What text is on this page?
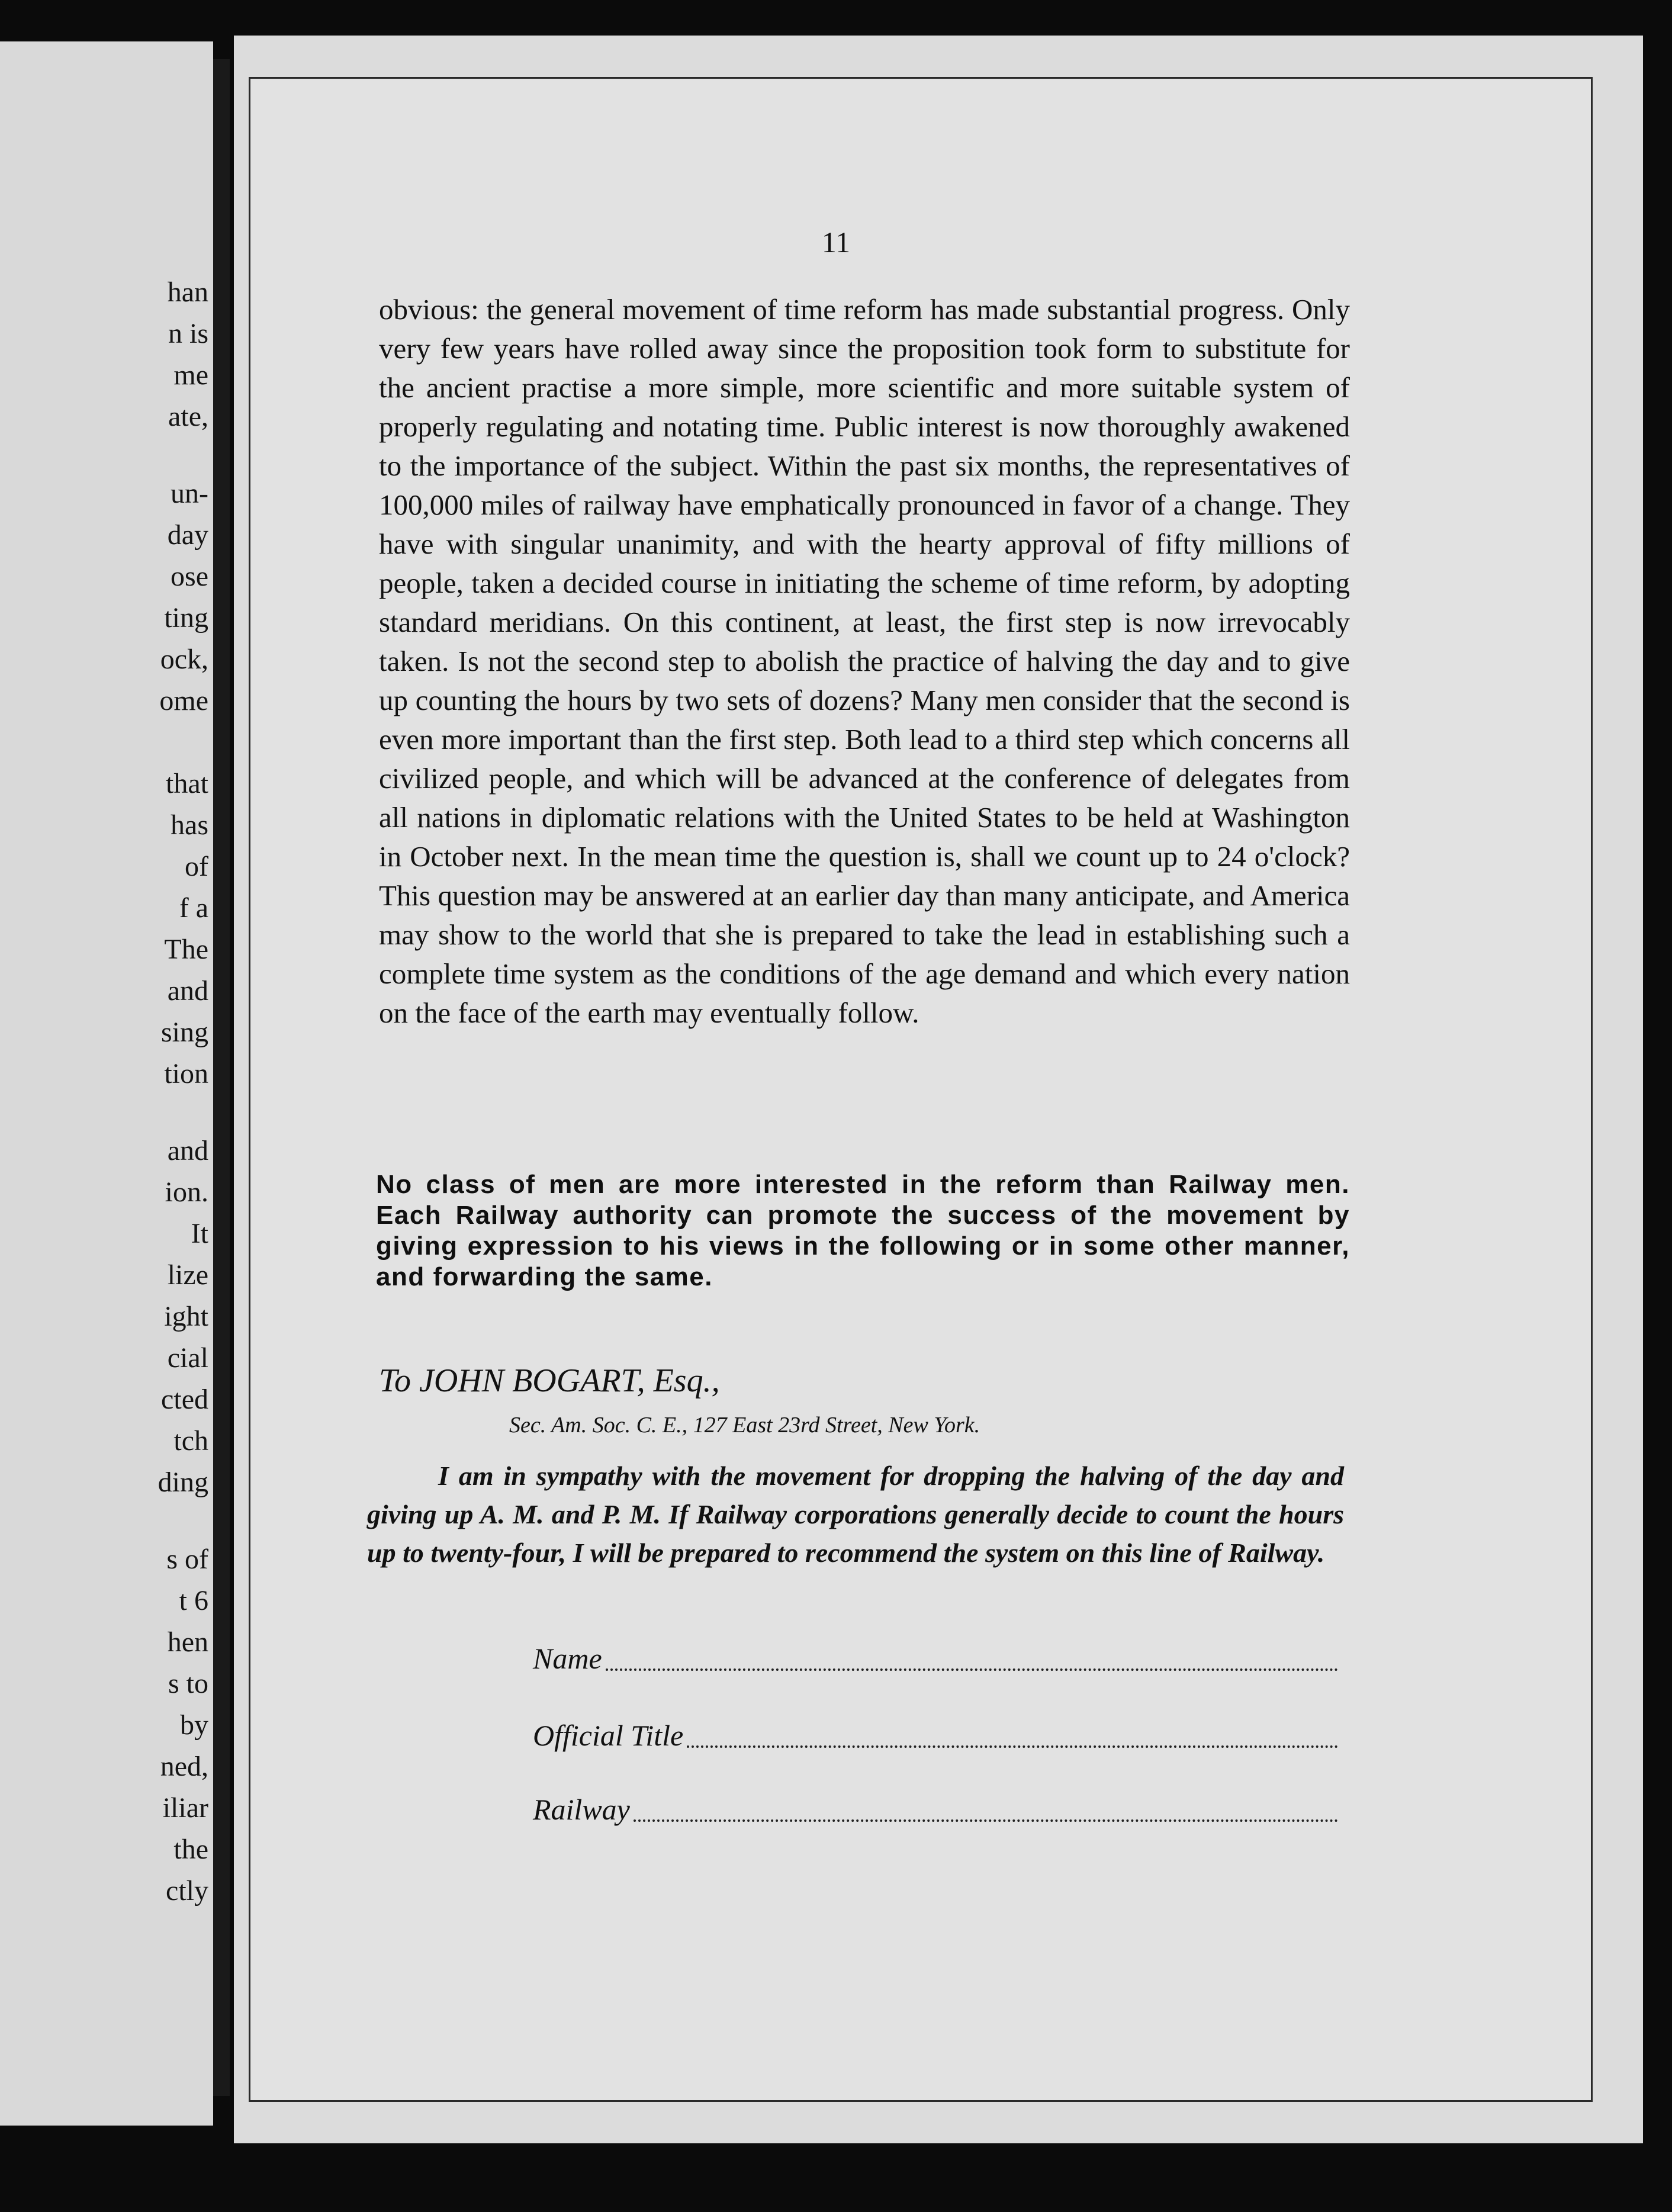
han
n is
me
ate,
un-
day
ose
ting
ock,
ome
that
has
of
f a
The
and
sing
tion
and
ion.
It
lize
ight
cial
cted
tch
ding
s of
t 6
hen
s to
by
ned,
iliar
the
ctly
11
obvious: the general movement of time reform has made substantial progress. Only very few years have rolled away since the proposition took form to substitute for the ancient practise a more simple, more scientific and more suitable system of properly regulating and notating time. Public interest is now thoroughly awakened to the importance of the subject. Within the past six months, the representatives of 100,000 miles of railway have emphatically pronounced in favor of a change. They have with singular unanimity, and with the hearty approval of fifty millions of people, taken a decided course in initiating the scheme of time reform, by adopting standard meridians. On this continent, at least, the first step is now irrevocably taken. Is not the second step to abolish the practice of halving the day and to give up counting the hours by two sets of dozens? Many men consider that the second is even more important than the first step. Both lead to a third step which concerns all civilized people, and which will be advanced at the conference of delegates from all nations in diplomatic relations with the United States to be held at Washington in October next. In the mean time the question is, shall we count up to 24 o'clock? This question may be answered at an earlier day than many anticipate, and America may show to the world that she is prepared to take the lead in establishing such a complete time system as the conditions of the age demand and which every nation on the face of the earth may eventually follow.
No class of men are more interested in the reform than Railway men. Each Railway authority can promote the success of the movement by giving expression to his views in the following or in some other manner, and forwarding the same.
To JOHN BOGART, Esq.,
Sec. Am. Soc. C. E., 127 East 23rd Street, New York.
I am in sympathy with the movement for dropping the halving of the day and giving up A. M. and P. M. If Railway corporations generally decide to count the hours up to twenty-four, I will be prepared to recommend the system on this line of Railway.
Name
Official Title
Railway
